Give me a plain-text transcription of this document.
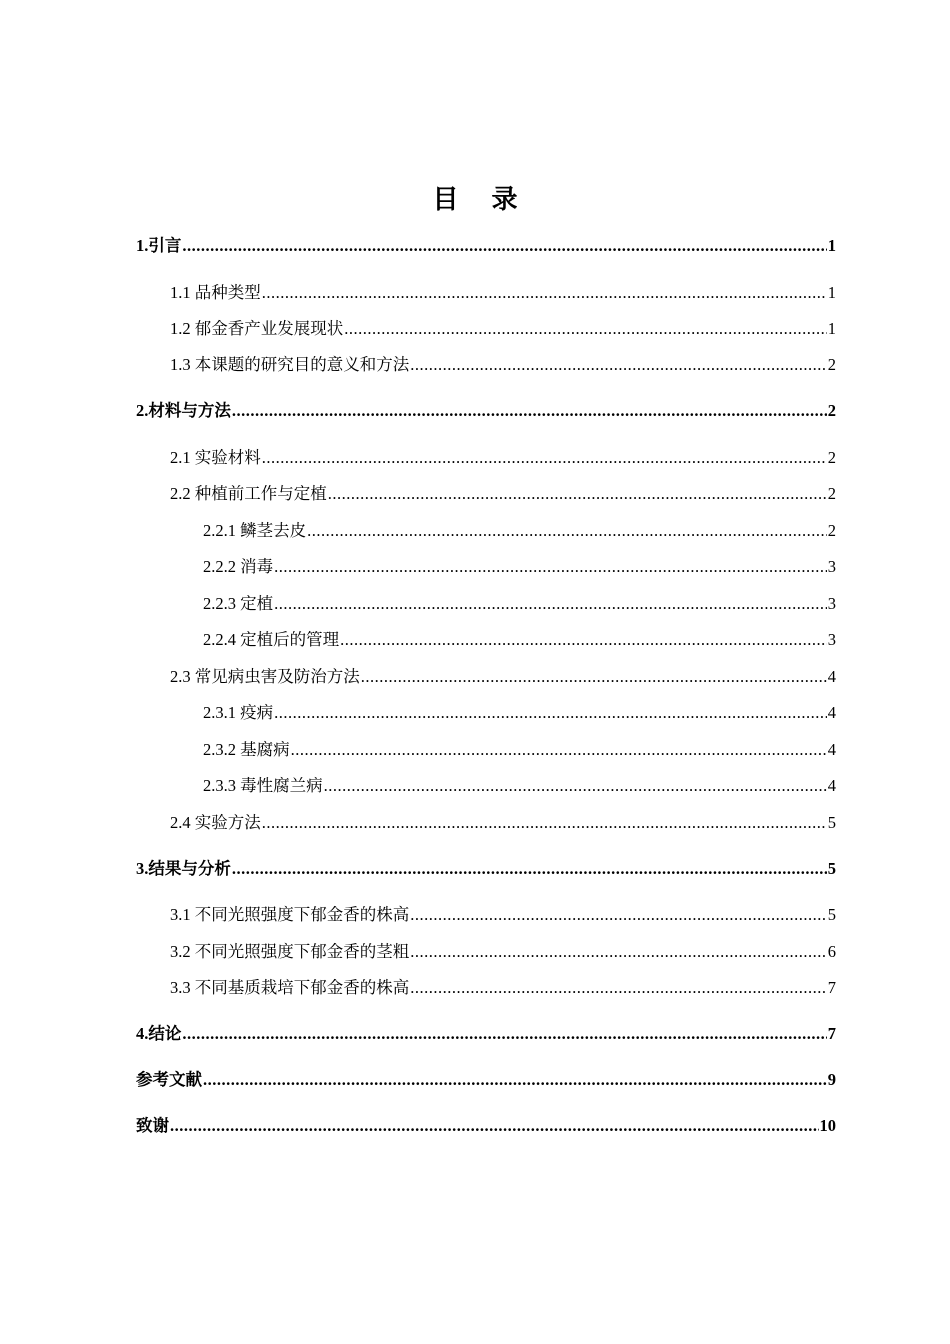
目 录
1.引言 .....	1
1.1 品种类型 .....	1
1.2 郁金香产业发展现状 .....	1
1.3 本课题的研究目的意义和方法 .....	2
2.材料与方法 .....	2
2.1 实验材料 .....	2
2.2 种植前工作与定植 .....	2
2.2.1 鳞茎去皮 .....	2
2.2.2 消毒 .....	3
2.2.3 定植 .....	3
2.2.4 定植后的管理 .....	3
2.3 常见病虫害及防治方法 .....	4
2.3.1 疫病 .....	4
2.3.2 基腐病 .....	4
2.3.3 毒性腐兰病 .....	4
2.4 实验方法 .....	5
3.结果与分析 .....	5
3.1 不同光照强度下郁金香的株高 .....	5
3.2 不同光照强度下郁金香的茎粗 .....	6
3.3 不同基质栽培下郁金香的株高 .....	7
4.结论 .....	7
参考文献 .....	9
致谢 .....	10
